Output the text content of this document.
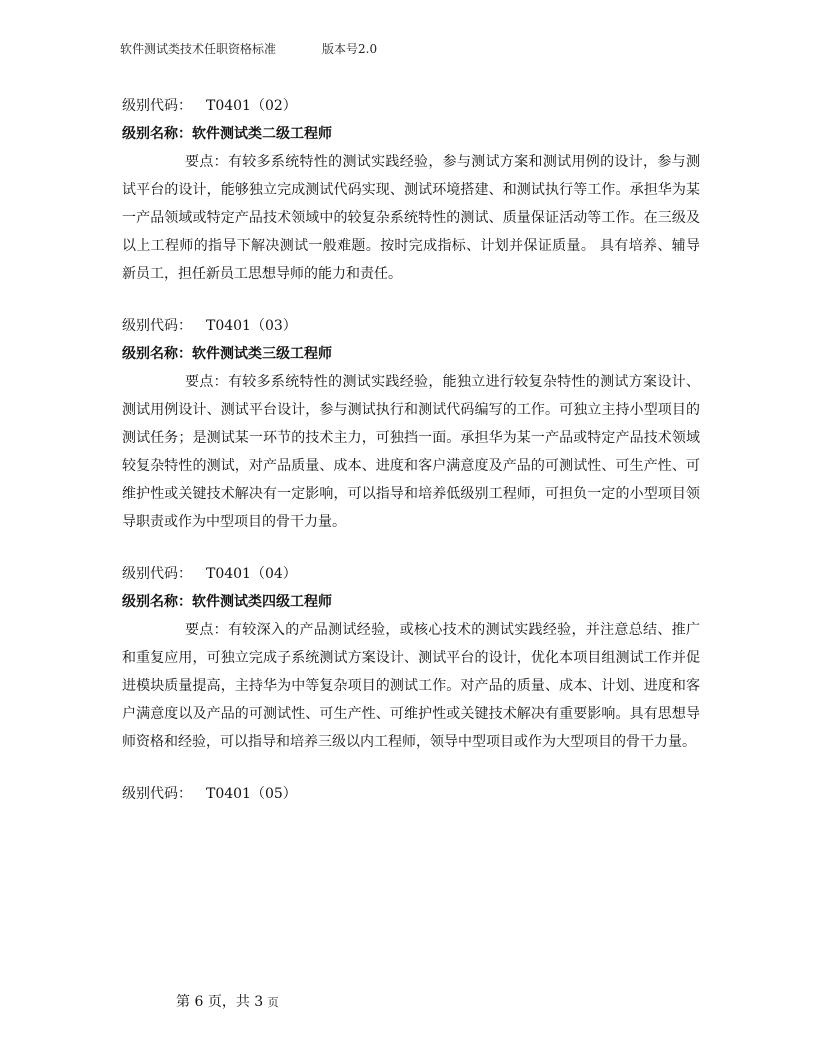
软件测试类技术任职资格标准	版本号2.0
级别代码： T0401（02）
级别名称：软件测试类二级工程师

要点：有较多系统特性的测试实践经验，参与测试方案和测试用例的设计，参与测试平台的设计，能够独立完成测试代码实现、测试环境搭建、和测试执行等工作。承担华为某一产品领域或特定产品技术领域中的较复杂系统特性的测试、质量保证活动等工作。在三级及以上工程师的指导下解决测试一般难题。按时完成指标、计划并保证质量。 具有培养、辅导新员工，担任新员工思想导师的能力和责任。

级别代码： T0401（03）
级别名称：软件测试类三级工程师

要点：有较多系统特性的测试实践经验，能独立进行较复杂特性的测试方案设计、测试用例设计、测试平台设计，参与测试执行和测试代码编写的工作。可独立主持小型项目的测试任务；是测试某一环节的技术主力，可独挡一面。承担华为某一产品或特定产品技术领域较复杂特性的测试，对产品质量、成本、进度和客户满意度及产品的可测试性、可生产性、可维护性或关键技术解决有一定影响，可以指导和培养低级别工程师，可担负一定的小型项目领导职责或作为中型项目的骨干力量。

级别代码： T0401（04）
级别名称：软件测试类四级工程师

要点：有较深入的产品测试经验，或核心技术的测试实践经验，并注意总结、推广和重复应用，可独立完成子系统测试方案设计、测试平台的设计，优化本项目组测试工作并促进模块质量提高，主持华为中等复杂项目的测试工作。对产品的质量、成本、计划、进度和客户满意度以及产品的可测试性、可生产性、可维护性或关键技术解决有重要影响。具有思想导师资格和经验，可以指导和培养三级以内工程师，领导中型项目或作为大型项目的骨干力量。

级别代码： T0401（05）
第 6 页，共 3 页
